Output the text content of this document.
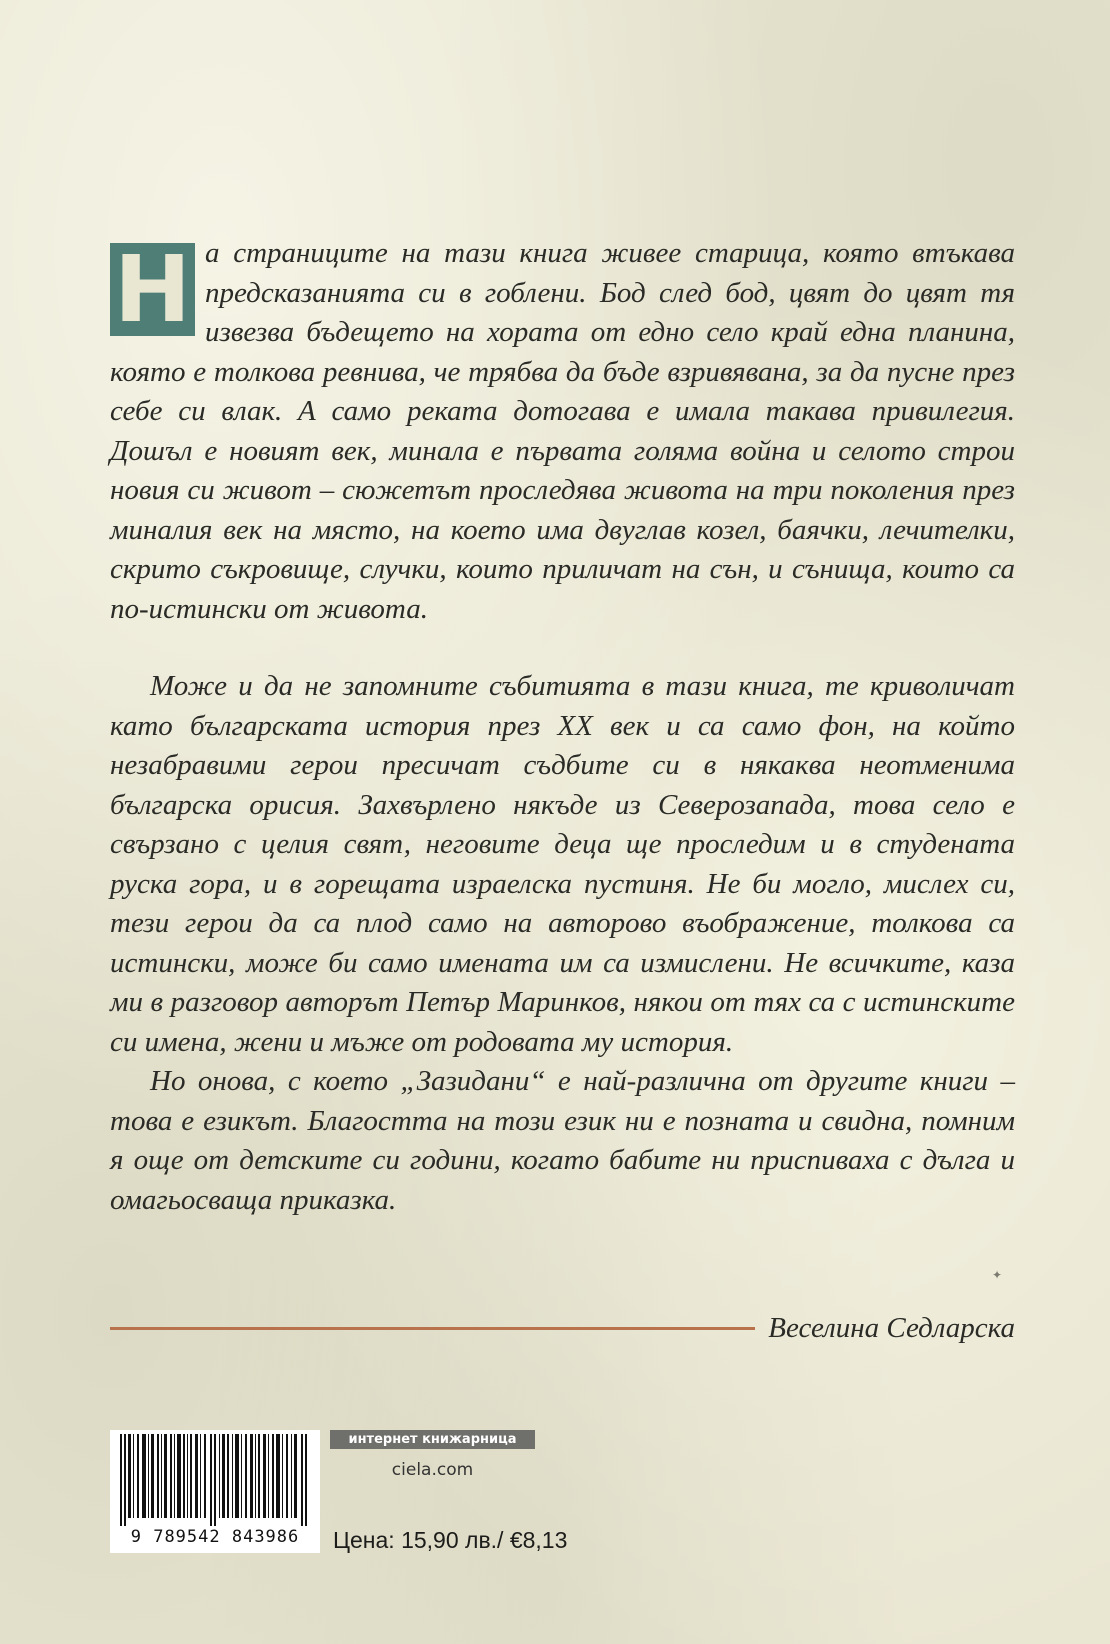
Н а страниците на тази книга живее старица, която втъкава предсказанията си в гоблени. Бод след бод, цвят до цвят тя извезва бъдещето на хората от едно село край една планина, която е толкова ревнива, че трябва да бъде взривявана, за да пусне през себе си влак. А само реката дотогава е имала такава привилегия. Дошъл е новият век, минала е първата голяма война и селото строи новия си живот – сюжетът проследява живота на три поколения през миналия век на място, на което има двуглав козел, баячки, лечителки, скрито съкровище, случки, които приличат на сън, и сънища, които са по-истински от живота.

Може и да не запомните събитията в тази книга, те криволичат като българската история през XX век и са само фон, на който незабравими герои пресичат съдбите си в някаква неотменима българска орисия. Захвърлено някъде из Северозапада, това село е свързано с целия свят, неговите деца ще проследим и в студената руска гора, и в горещата израелска пустиня. Не би могло, мислех си, тези герои да са плод само на авторово въображение, толкова са истински, може би само имената им са измислени. Не всичките, каза ми в разговор авторът Петър Маринков, някои от тях са с истинските си имена, жени и мъже от родовата му история.

Но онова, с което „Зазидани“ е най-различна от другите книги – това е езикът. Благостта на този език ни е позната и свидна, помним я още от детските си години, когато бабите ни приспиваха с дълга и омагьосваща приказка.

Веселина Седларска
9 789542 843986
интернет книжарница
ciela.com
Цена: 15,90 лв./ €8,13
✦
